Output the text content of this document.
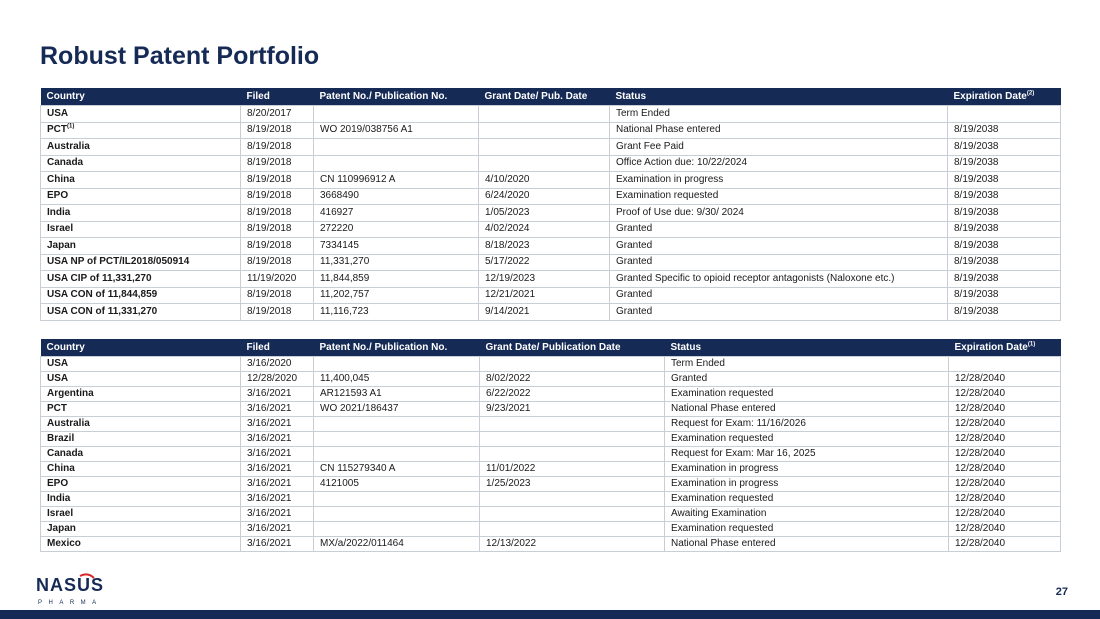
Robust Patent Portfolio
Country	Filed	Patent No./ Publication No.	Grant Date/ Pub. Date	Status	Expiration Date$^{(2)}$
USA	8/20/2017			Term Ended	
PCT$^{(1)}$	8/19/2018	WO 2019/038756 A1		National Phase entered	8/19/2038
Australia	8/19/2018			Grant Fee Paid	8/19/2038
Canada	8/19/2018			Office Action due: 10/22/2024	8/19/2038
China	8/19/2018	CN 110996912 A	4/10/2020	Examination in progress	8/19/2038
EPO	8/19/2018	3668490	6/24/2020	Examination requested	8/19/2038
India	8/19/2018	416927	1/05/2023	Proof of Use due: 9/30/ 2024	8/19/2038
Israel	8/19/2018	272220	4/02/2024	Granted	8/19/2038
Japan	8/19/2018	7334145	8/18/2023	Granted	8/19/2038
USA NP of PCT/IL2018/050914	8/19/2018	11,331,270	5/17/2022	Granted	8/19/2038
USA CIP of 11,331,270	11/19/2020	11,844,859	12/19/2023	Granted Specific to opioid receptor antagonists (Naloxone etc.)	8/19/2038
USA CON of 11,844,859	8/19/2018	11,202,757	12/21/2021	Granted	8/19/2038
USA CON of 11,331,270	8/19/2018	11,116,723	9/14/2021	Granted	8/19/2038
Country	Filed	Patent No./ Publication No.	Grant Date/ Publication Date	Status	Expiration Date$^{(1)}$
USA	3/16/2020			Term Ended	
USA	12/28/2020	11,400,045	8/02/2022	Granted	12/28/2040
Argentina	3/16/2021	AR121593 A1	6/22/2022	Examination requested	12/28/2040
PCT	3/16/2021	WO 2021/186437	9/23/2021	National Phase entered	12/28/2040
Australia	3/16/2021			Request for Exam: 11/16/2026	12/28/2040
Brazil	3/16/2021			Examination requested	12/28/2040
Canada	3/16/2021			Request for Exam: Mar 16, 2025	12/28/2040
China	3/16/2021	CN 115279340 A	11/01/2022	Examination in progress	12/28/2040
EPO	3/16/2021	4121005	1/25/2023	Examination in progress	12/28/2040
India	3/16/2021			Examination requested	12/28/2040
Israel	3/16/2021			Awaiting Examination	12/28/2040
Japan	3/16/2021			Examination requested	12/28/2040
Mexico	3/16/2021	MX/a/2022/011464	12/13/2022	National Phase entered	12/28/2040
NASUS
PHARMA
27
